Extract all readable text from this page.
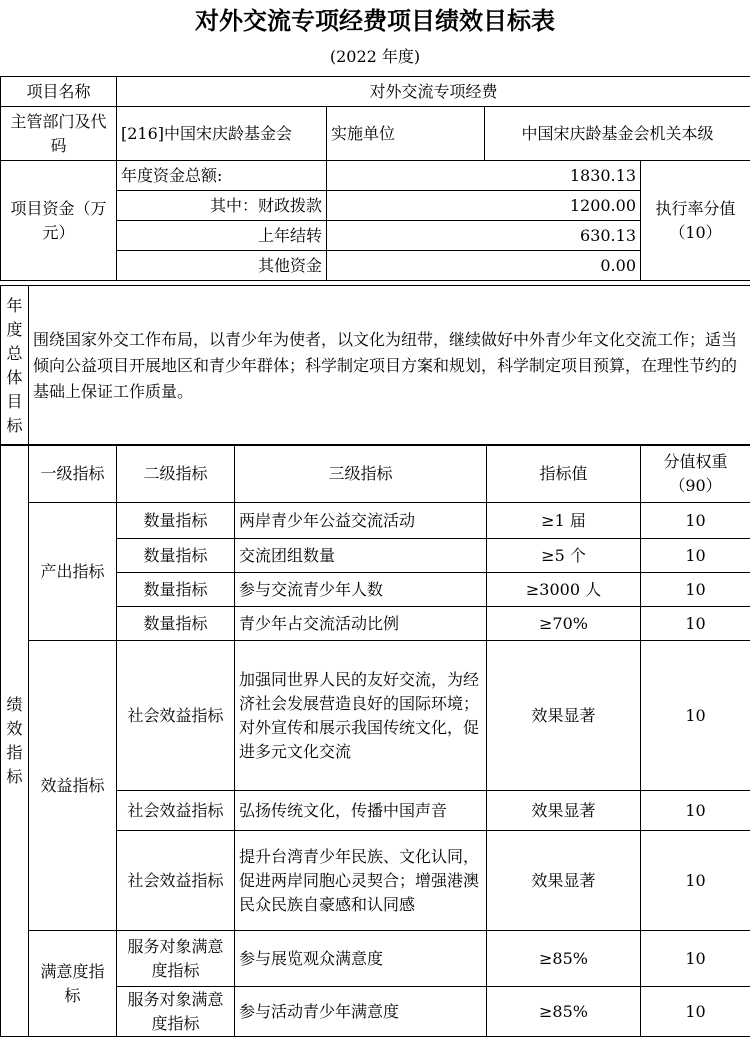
对外交流专项经费项目绩效目标表
(2022 年度)
项目名称	对外交流专项经费			
主管部门及代码	[216]中国宋庆龄基金会	实施单位	中国宋庆龄基金会机关本级	
项目资金（万元）	年度资金总额:	1830.13		执行率分值
（10）

	其中：财政拨款	1200.00		
	上年结转	630.13		
	其他资金	0.00		
年
度
总
体
目
标
	围绕国家外交工作布局，以青少年为使者，以文化为纽带，继续做好中外青少年文化交流工作；适当倾向公益项目开展地区和青少年群体；科学制定项目方案和规划，科学制定项目预算，在理性节约的基础上保证工作质量。
绩
效
指
标	一级指标	二级指标	三级指标	指标值	分值权重（90）
	产出指标	数量指标	两岸青少年公益交流活动	≥1 届	10
		数量指标	交流团组数量	≥5 个	10
		数量指标	参与交流青少年人数	≥3000 人	10
		数量指标	青少年占交流活动比例	≥70%	10
	效益指标	社会效益指标	加强同世界人民的友好交流，为经济社会发展营造良好的国际环境；对外宣传和展示我国传统文化，促进多元文化交流	效果显著	10
		社会效益指标	弘扬传统文化，传播中国声音	效果显著	10
		社会效益指标	提升台湾青少年民族、文化认同，促进两岸同胞心灵契合；增强港澳民众民族自豪感和认同感	效果显著	10
	满意度指标	服务对象满意度指标	参与展览观众满意度	≥85%	10
		服务对象满意度指标	参与活动青少年满意度	≥85%	10
